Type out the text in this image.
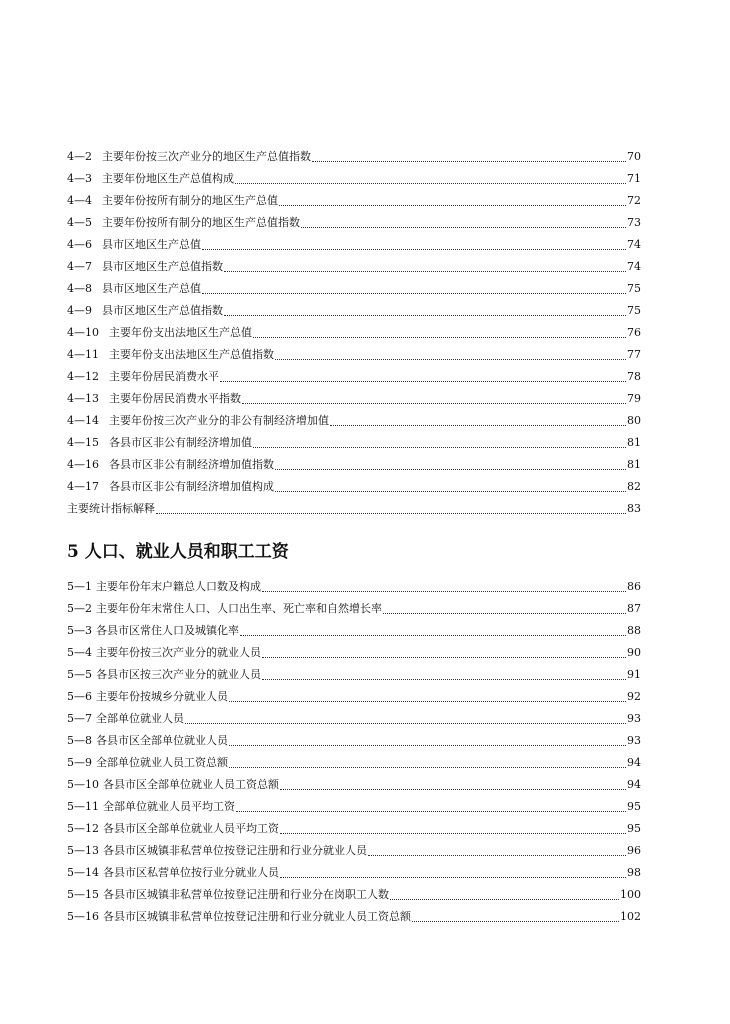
4—2 主要年份按三次产业分的地区生产总值指数	70
4—3 主要年份地区生产总值构成	71
4—4 主要年份按所有制分的地区生产总值	72
4—5 主要年份按所有制分的地区生产总值指数	73
4—6 县市区地区生产总值	74
4—7 县市区地区生产总值指数	74
4—8 县市区地区生产总值	75
4—9 县市区地区生产总值指数	75
4—10 主要年份支出法地区生产总值	76
4—11 主要年份支出法地区生产总值指数	77
4—12 主要年份居民消费水平	78
4—13 主要年份居民消费水平指数	79
4—14 主要年份按三次产业分的非公有制经济增加值	80
4—15 各县市区非公有制经济增加值	81
4—16 各县市区非公有制经济增加值指数	81
4—17 各县市区非公有制经济增加值构成	82
主要统计指标解释	83
5 人口、就业人员和职工工资
5—1 主要年份年末户籍总人口数及构成	86
5—2 主要年份年末常住人口、人口出生率、死亡率和自然增长率	87
5—3 各县市区常住人口及城镇化率	88
5—4 主要年份按三次产业分的就业人员	90
5—5 各县市区按三次产业分的就业人员	91
5—6 主要年份按城乡分就业人员	92
5—7 全部单位就业人员	93
5—8 各县市区全部单位就业人员	93
5—9 全部单位就业人员工资总额	94
5—10 各县市区全部单位就业人员工资总额	94
5—11 全部单位就业人员平均工资	95
5—12 各县市区全部单位就业人员平均工资	95
5—13 各县市区城镇非私营单位按登记注册和行业分就业人员	96
5—14 各县市区私营单位按行业分就业人员	98
5—15 各县市区城镇非私营单位按登记注册和行业分在岗职工人数	100
5—16 各县市区城镇非私营单位按登记注册和行业分就业人员工资总额	102
